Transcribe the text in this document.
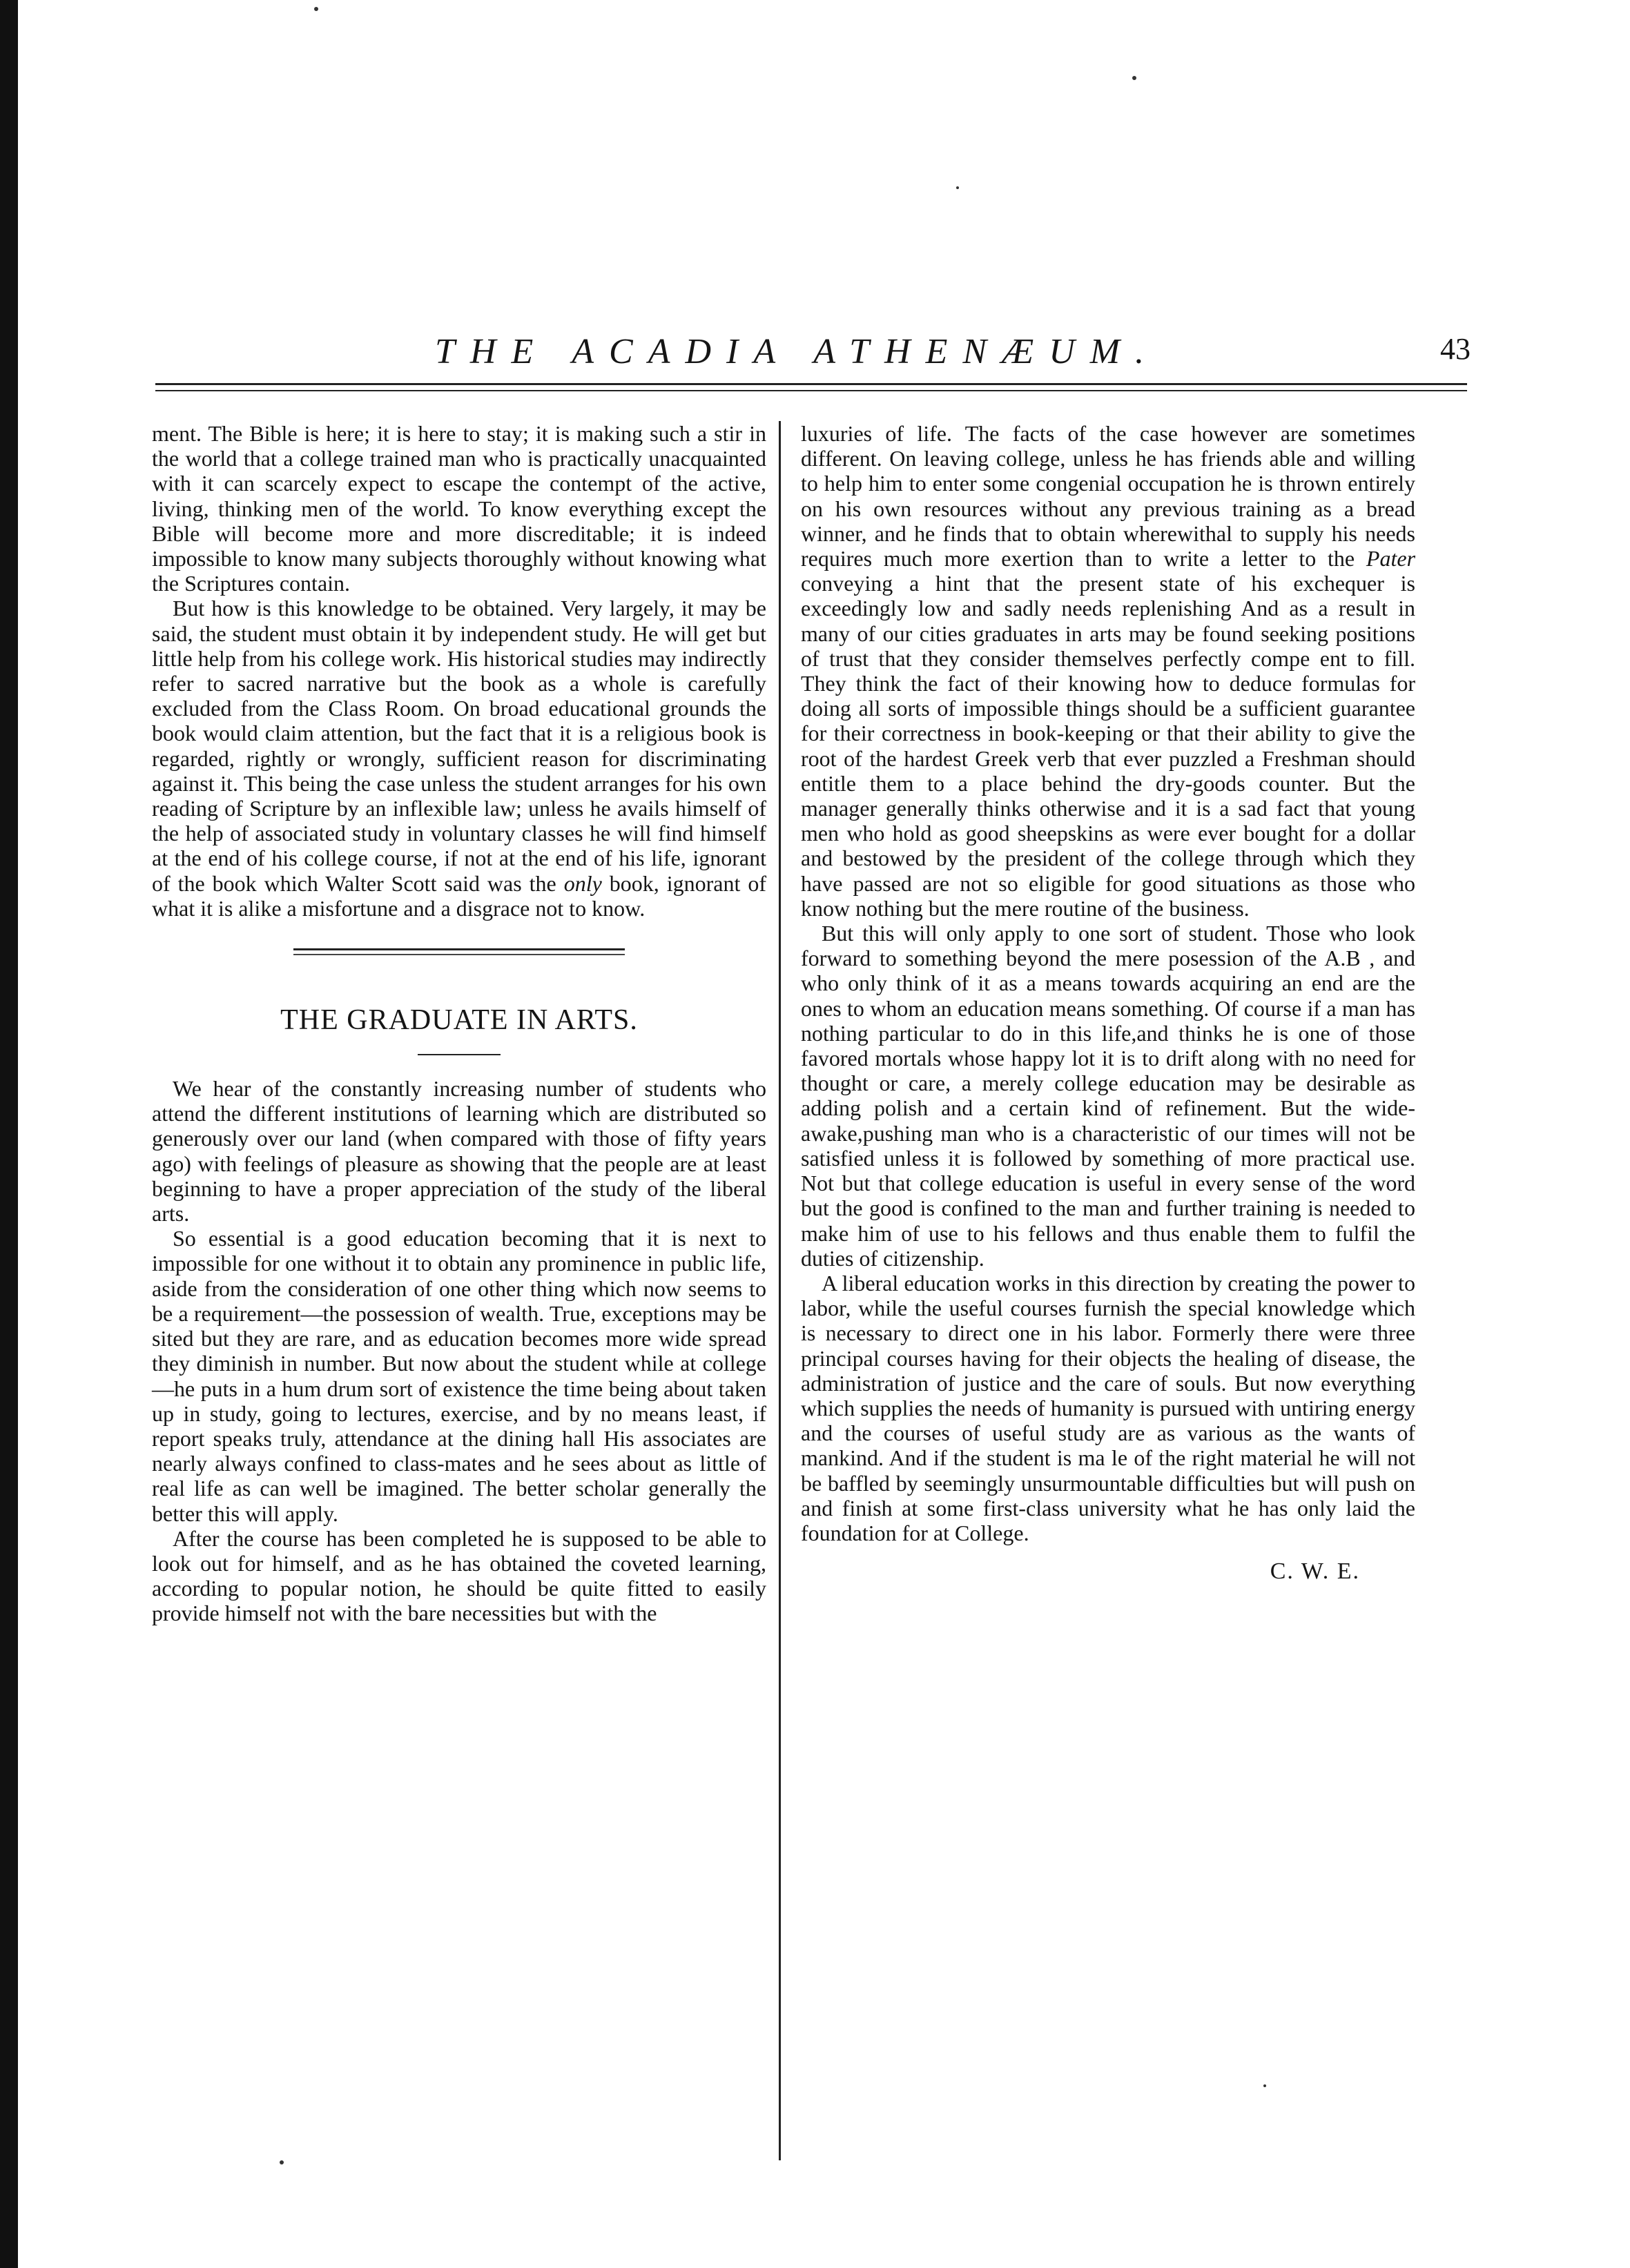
THE ACADIA ATHENÆUM.	43

ment. The Bible is here; it is here to stay; it is making such a stir in the world that a college trained man who is practically unacquainted with it can scarcely expect to escape the contempt of the active, living, thinking men of the world. To know everything except the Bible will become more and more discreditable; it is indeed impossible to know many subjects thoroughly without knowing what the Scriptures contain.

But how is this knowledge to be obtained. Very largely, it may be said, the student must obtain it by independent study. He will get but little help from his college work. His historical studies may indirectly refer to sacred narrative but the book as a whole is carefully excluded from the Class Room. On broad educational grounds the book would claim attention, but the fact that it is a religious book is regarded, rightly or wrongly, sufficient reason for discriminating against it. This being the case unless the student arranges for his own reading of Scripture by an inflexible law; unless he avails himself of the help of associated study in voluntary classes he will find himself at the end of his college course, if not at the end of his life, ignorant of the book which Walter Scott said was the only book, ignorant of what it is alike a misfortune and a disgrace not to know.

THE GRADUATE IN ARTS.

We hear of the constantly increasing number of students who attend the different institutions of learning which are distributed so generously over our land (when compared with those of fifty years ago) with feelings of pleasure as showing that the people are at least beginning to have a proper appreciation of the study of the liberal arts.

So essential is a good education becoming that it is next to impossible for one without it to obtain any prominence in public life, aside from the consideration of one other thing which now seems to be a requirement—the possession of wealth. True, exceptions may be sited but they are rare, and as education becomes more wide spread they diminish in number. But now about the student while at college—he puts in a hum drum sort of existence the time being about taken up in study, going to lectures, exercise, and by no means least, if report speaks truly, attendance at the dining hall His associates are nearly always confined to class-mates and he sees about as little of real life as can well be imagined. The better scholar generally the better this will apply.

After the course has been completed he is supposed to be able to look out for himself, and as he has obtained the coveted learning, according to popular notion, he should be quite fitted to easily provide himself not with the bare necessities but with the

luxuries of life. The facts of the case however are sometimes different. On leaving college, unless he has friends able and willing to help him to enter some congenial occupation he is thrown entirely on his own resources without any previous training as a bread winner, and he finds that to obtain wherewithal to supply his needs requires much more exertion than to write a letter to the Pater conveying a hint that the present state of his exchequer is exceedingly low and sadly needs replenishing And as a result in many of our cities graduates in arts may be found seeking positions of trust that they consider themselves perfectly compe ent to fill. They think the fact of their knowing how to deduce formulas for doing all sorts of impossible things should be a sufficient guarantee for their correctness in book-keeping or that their ability to give the root of the hardest Greek verb that ever puzzled a Freshman should entitle them to a place behind the dry-goods counter. But the manager generally thinks otherwise and it is a sad fact that young men who hold as good sheepskins as were ever bought for a dollar and bestowed by the president of the college through which they have passed are not so eligible for good situations as those who know nothing but the mere routine of the business.

But this will only apply to one sort of student. Those who look forward to something beyond the mere posession of the A.B , and who only think of it as a means towards acquiring an end are the ones to whom an education means something. Of course if a man has nothing particular to do in this life,and thinks he is one of those favored mortals whose happy lot it is to drift along with no need for thought or care, a merely college education may be desirable as adding polish and a certain kind of refinement. But the wide-awake,pushing man who is a characteristic of our times will not be satisfied unless it is followed by something of more practical use. Not but that college education is useful in every sense of the word but the good is confined to the man and further training is needed to make him of use to his fellows and thus enable them to fulfil the duties of citizenship.

A liberal education works in this direction by creating the power to labor, while the useful courses furnish the special knowledge which is necessary to direct one in his labor. Formerly there were three principal courses having for their objects the healing of disease, the administration of justice and the care of souls. But now everything which supplies the needs of humanity is pursued with untiring energy and the courses of useful study are as various as the wants of mankind. And if the student is ma le of the right material he will not be baffled by seemingly unsurmountable difficulties but will push on and finish at some first-class university what he has only laid the foundation for at College.

C. W. E.
